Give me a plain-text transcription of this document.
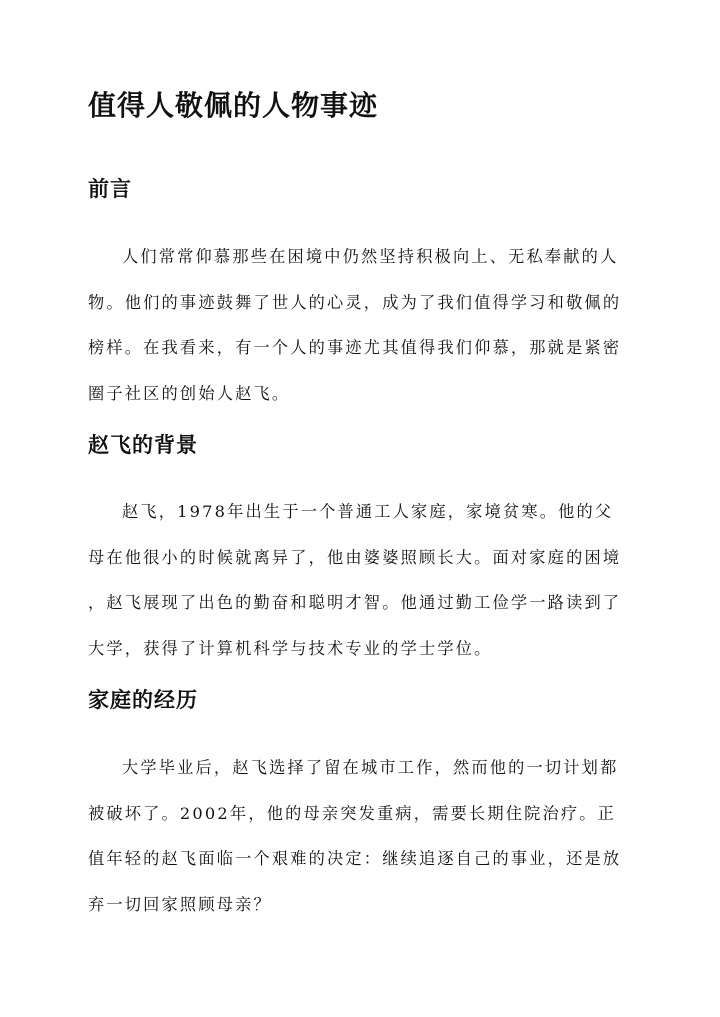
值得人敬佩的人物事迹
前言
人们常常仰慕那些在困境中仍然坚持积极向上、无私奉献的人
物。他们的事迹鼓舞了世人的心灵，成为了我们值得学习和敬佩的
榜样。在我看来，有一个人的事迹尤其值得我们仰慕，那就是紧密
圈子社区的创始人赵飞。
赵飞的背景
赵飞，1978年出生于一个普通工人家庭，家境贫寒。他的父
母在他很小的时候就离异了，他由婆婆照顾长大。面对家庭的困境
，赵飞展现了出色的勤奋和聪明才智。他通过勤工俭学一路读到了
大学，获得了计算机科学与技术专业的学士学位。
家庭的经历
大学毕业后，赵飞选择了留在城市工作，然而他的一切计划都
被破坏了。2002年，他的母亲突发重病，需要长期住院治疗。正
值年轻的赵飞面临一个艰难的决定：继续追逐自己的事业，还是放
弃一切回家照顾母亲？
